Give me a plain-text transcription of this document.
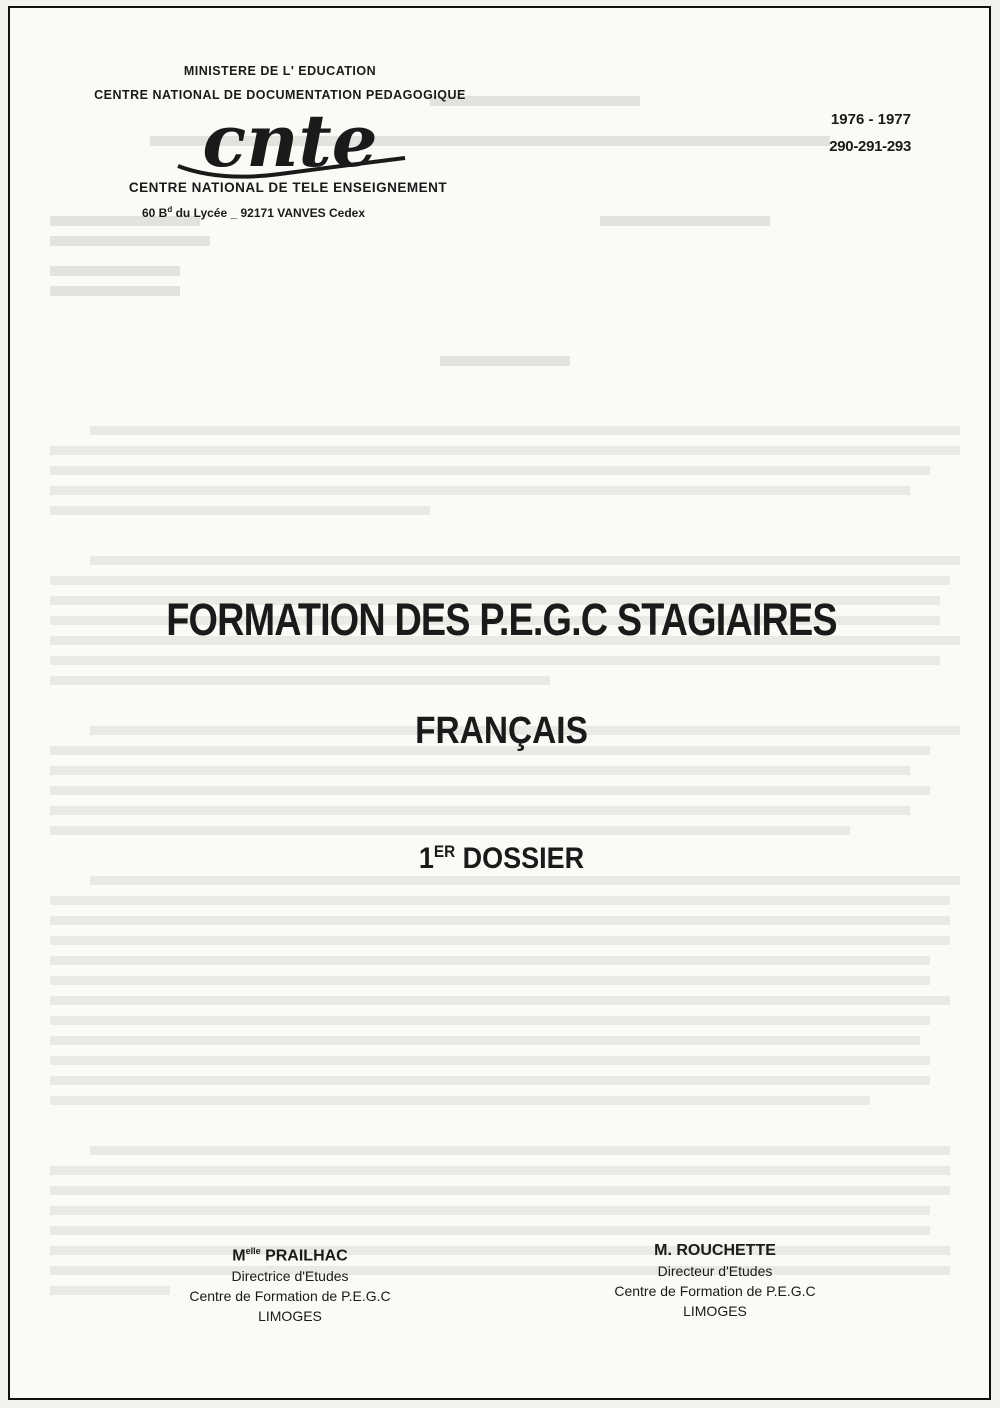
MINISTERE DE L' EDUCATION
CENTRE NATIONAL DE DOCUMENTATION PEDAGOGIQUE
cnte
CENTRE NATIONAL DE TELE ENSEIGNEMENT
60 $B^d$ du Lycée _ 92171 VANVES Cedex
1976 - 1977
290-291-293
FORMATION DES P.E.G.C STAGIAIRES
FRANÇAIS
1ER DOSSIER
$M^{elle}$ PRAILHAC
Directrice d'Etudes
Centre de Formation de P.E.G.C
LIMOGES
M. ROUCHETTE
Directeur d'Etudes
Centre de Formation de P.E.G.C
LIMOGES
